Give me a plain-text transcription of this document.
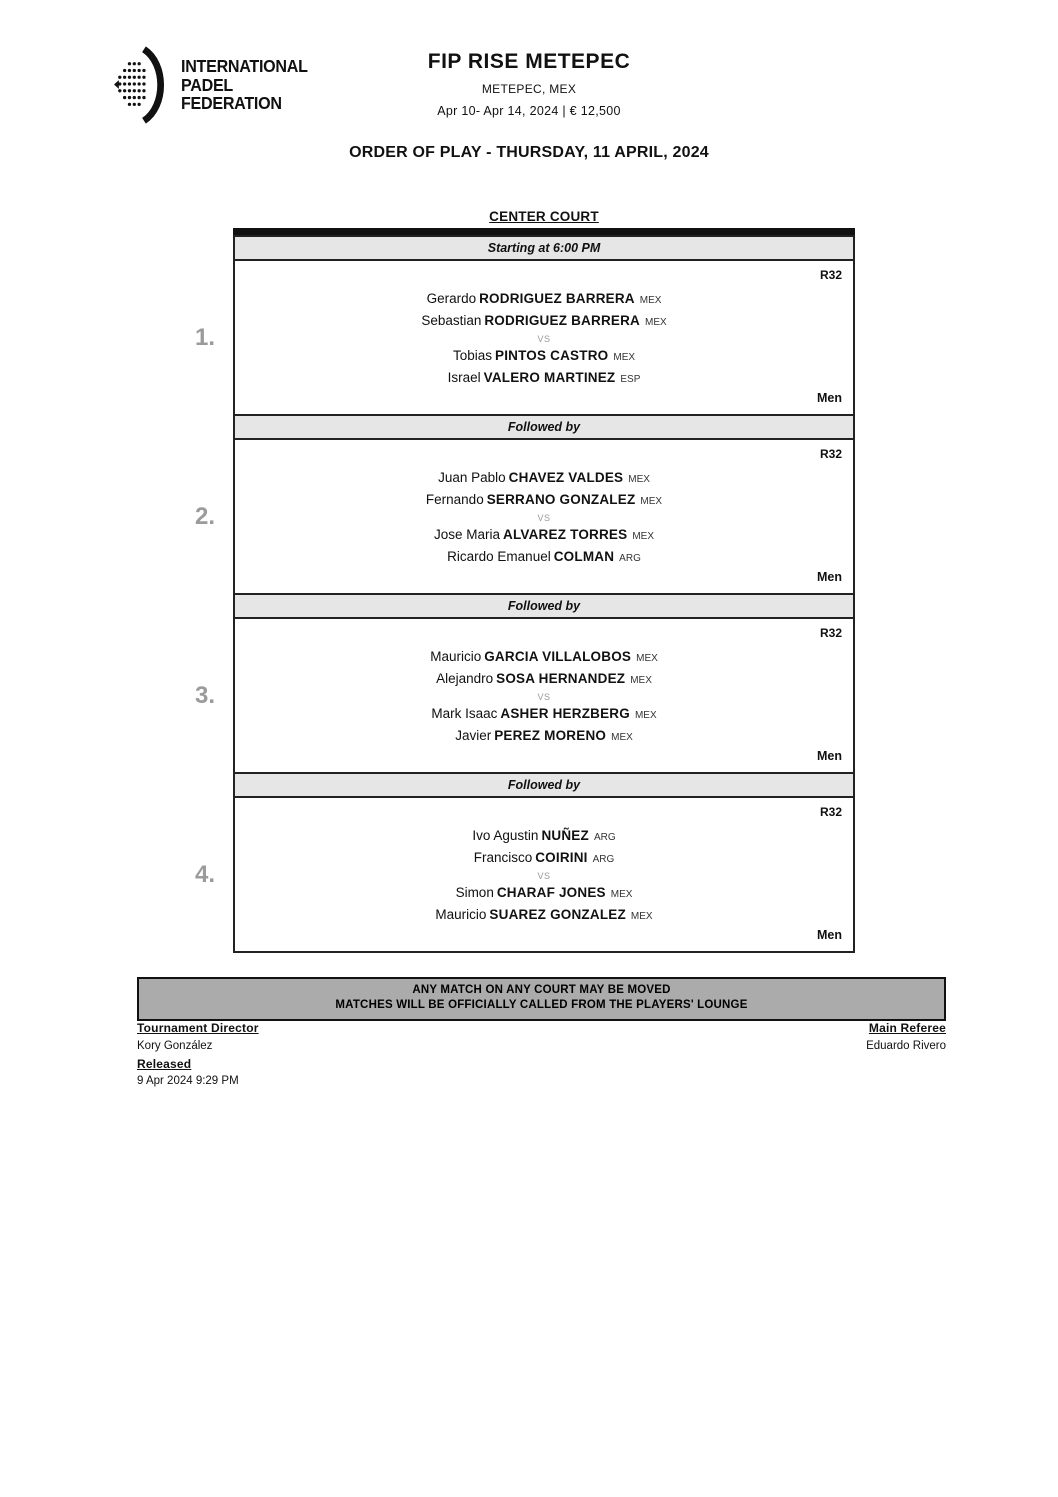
INTERNATIONAL
PADEL
FEDERATION
FIP RISE METEPEC
METEPEC, MEX
Apr 10- Apr 14, 2024 | € 12,500
ORDER OF PLAY - THURSDAY, 11 APRIL, 2024
CENTER COURT
Starting at 6:00 PM
1.
R32
Gerardo RODRIGUEZ BARRERA MEX
Sebastian RODRIGUEZ BARRERA MEX
VS
Tobias PINTOS CASTRO MEX
Israel VALERO MARTINEZ ESP
Men
Followed by
2.
R32
Juan Pablo CHAVEZ VALDES MEX
Fernando SERRANO GONZALEZ MEX
VS
Jose Maria ALVAREZ TORRES MEX
Ricardo Emanuel COLMAN ARG
Men
Followed by
3.
R32
Mauricio GARCIA VILLALOBOS MEX
Alejandro SOSA HERNANDEZ MEX
VS
Mark Isaac ASHER HERZBERG MEX
Javier PEREZ MORENO MEX
Men
Followed by
4.
R32
Ivo Agustin NUÑEZ ARG
Francisco COIRINI ARG
VS
Simon CHARAF JONES MEX
Mauricio SUAREZ GONZALEZ MEX
Men
ANY MATCH ON ANY COURT MAY BE MOVED
MATCHES WILL BE OFFICIALLY CALLED FROM THE PLAYERS' LOUNGE
Tournament Director
Kory González
Main Referee
Eduardo Rivero
Released
9 Apr 2024 9:29 PM
